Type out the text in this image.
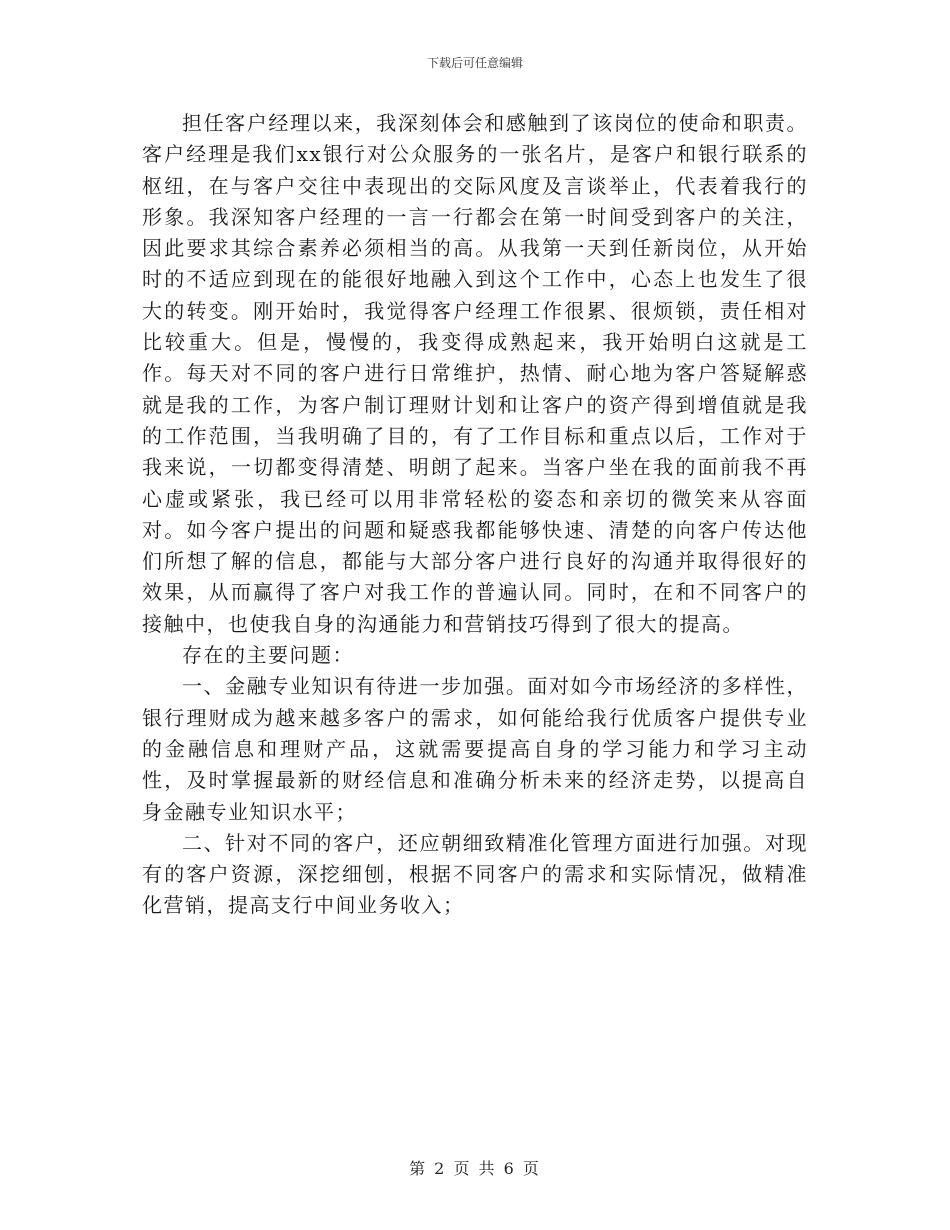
下载后可任意编辑

担任客户经理以来，我深刻体会和感触到了该岗位的使命和职责。客户经理是我们xx银行对公众服务的一张名片，是客户和银行联系的枢纽，在与客户交往中表现出的交际风度及言谈举止，代表着我行的形象。我深知客户经理的一言一行都会在第一时间受到客户的关注，因此要求其综合素养必须相当的高。从我第一天到任新岗位，从开始时的不适应到现在的能很好地融入到这个工作中，心态上也发生了很大的转变。刚开始时，我觉得客户经理工作很累、很烦锁，责任相对比较重大。但是，慢慢的，我变得成熟起来，我开始明白这就是工作。每天对不同的客户进行日常维护，热情、耐心地为客户答疑解惑就是我的工作，为客户制订理财计划和让客户的资产得到增值就是我的工作范围，当我明确了目的，有了工作目标和重点以后，工作对于我来说，一切都变得清楚、明朗了起来。当客户坐在我的面前我不再心虚或紧张，我已经可以用非常轻松的姿态和亲切的微笑来从容面对。如今客户提出的问题和疑惑我都能够快速、清楚的向客户传达他们所想了解的信息，都能与大部分客户进行良好的沟通并取得很好的效果，从而赢得了客户对我工作的普遍认同。同时，在和不同客户的接触中，也使我自身的沟通能力和营销技巧得到了很大的提高。

存在的主要问题：

一、金融专业知识有待进一步加强。面对如今市场经济的多样性，银行理财成为越来越多客户的需求，如何能给我行优质客户提供专业的金融信息和理财产品，这就需要提高自身的学习能力和学习主动性，及时掌握最新的财经信息和准确分析未来的经济走势，以提高自身金融专业知识水平；

二、针对不同的客户，还应朝细致精准化管理方面进行加强。对现有的客户资源，深挖细刨，根据不同客户的需求和实际情况，做精准化营销，提高支行中间业务收入；

第 2 页 共 6 页
